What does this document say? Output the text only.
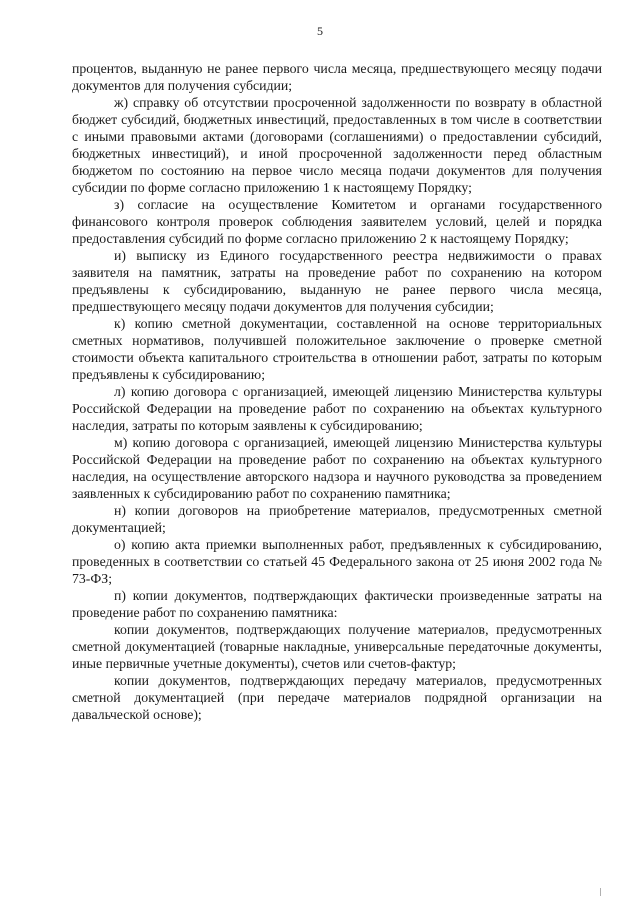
5

процентов, выданную не ранее первого числа месяца, предшествующего месяцу подачи документов для получения субсидии;

ж) справку об отсутствии просроченной задолженности по возврату в областной бюджет субсидий, бюджетных инвестиций, предоставленных в том числе в соответствии с иными правовыми актами (договорами (соглашениями) о предоставлении субсидий, бюджетных инвестиций), и иной просроченной задолженности перед областным бюджетом по состоянию на первое число месяца подачи документов для получения субсидии по форме согласно приложению 1 к настоящему Порядку;

з) согласие на осуществление Комитетом и органами государственного финансового контроля проверок соблюдения заявителем условий, целей и порядка предоставления субсидий по форме согласно приложению 2 к настоящему Порядку;

и) выписку из Единого государственного реестра недвижимости о правах заявителя на памятник, затраты на проведение работ по сохранению на котором предъявлены к субсидированию, выданную не ранее первого числа месяца, предшествующего месяцу подачи документов для получения субсидии;

к) копию сметной документации, составленной на основе территориальных сметных нормативов, получившей положительное заключение о проверке сметной стоимости объекта капитального строительства в отношении работ, затраты по которым предъявлены к субсидированию;

л) копию договора с организацией, имеющей лицензию Министерства культуры Российской Федерации на проведение работ по сохранению на объектах культурного наследия, затраты по которым заявлены к субсидированию;

м) копию договора с организацией, имеющей лицензию Министерства культуры Российской Федерации на проведение работ по сохранению на объектах культурного наследия, на осуществление авторского надзора и научного руководства за проведением заявленных к субсидированию работ по сохранению памятника;

н) копии договоров на приобретение материалов, предусмотренных сметной документацией;

о) копию акта приемки выполненных работ, предъявленных к субсидированию, проведенных в соответствии со статьей 45 Федерального закона от 25 июня 2002 года № 73-ФЗ;

п) копии документов, подтверждающих фактически произведенные затраты на проведение работ по сохранению памятника:

копии документов, подтверждающих получение материалов, предусмотренных сметной документацией (товарные накладные, универсальные передаточные документы, иные первичные учетные документы), счетов или счетов-фактур;

копии документов, подтверждающих передачу материалов, предусмотренных сметной документацией (при передаче материалов подрядной организации на давальческой основе);
